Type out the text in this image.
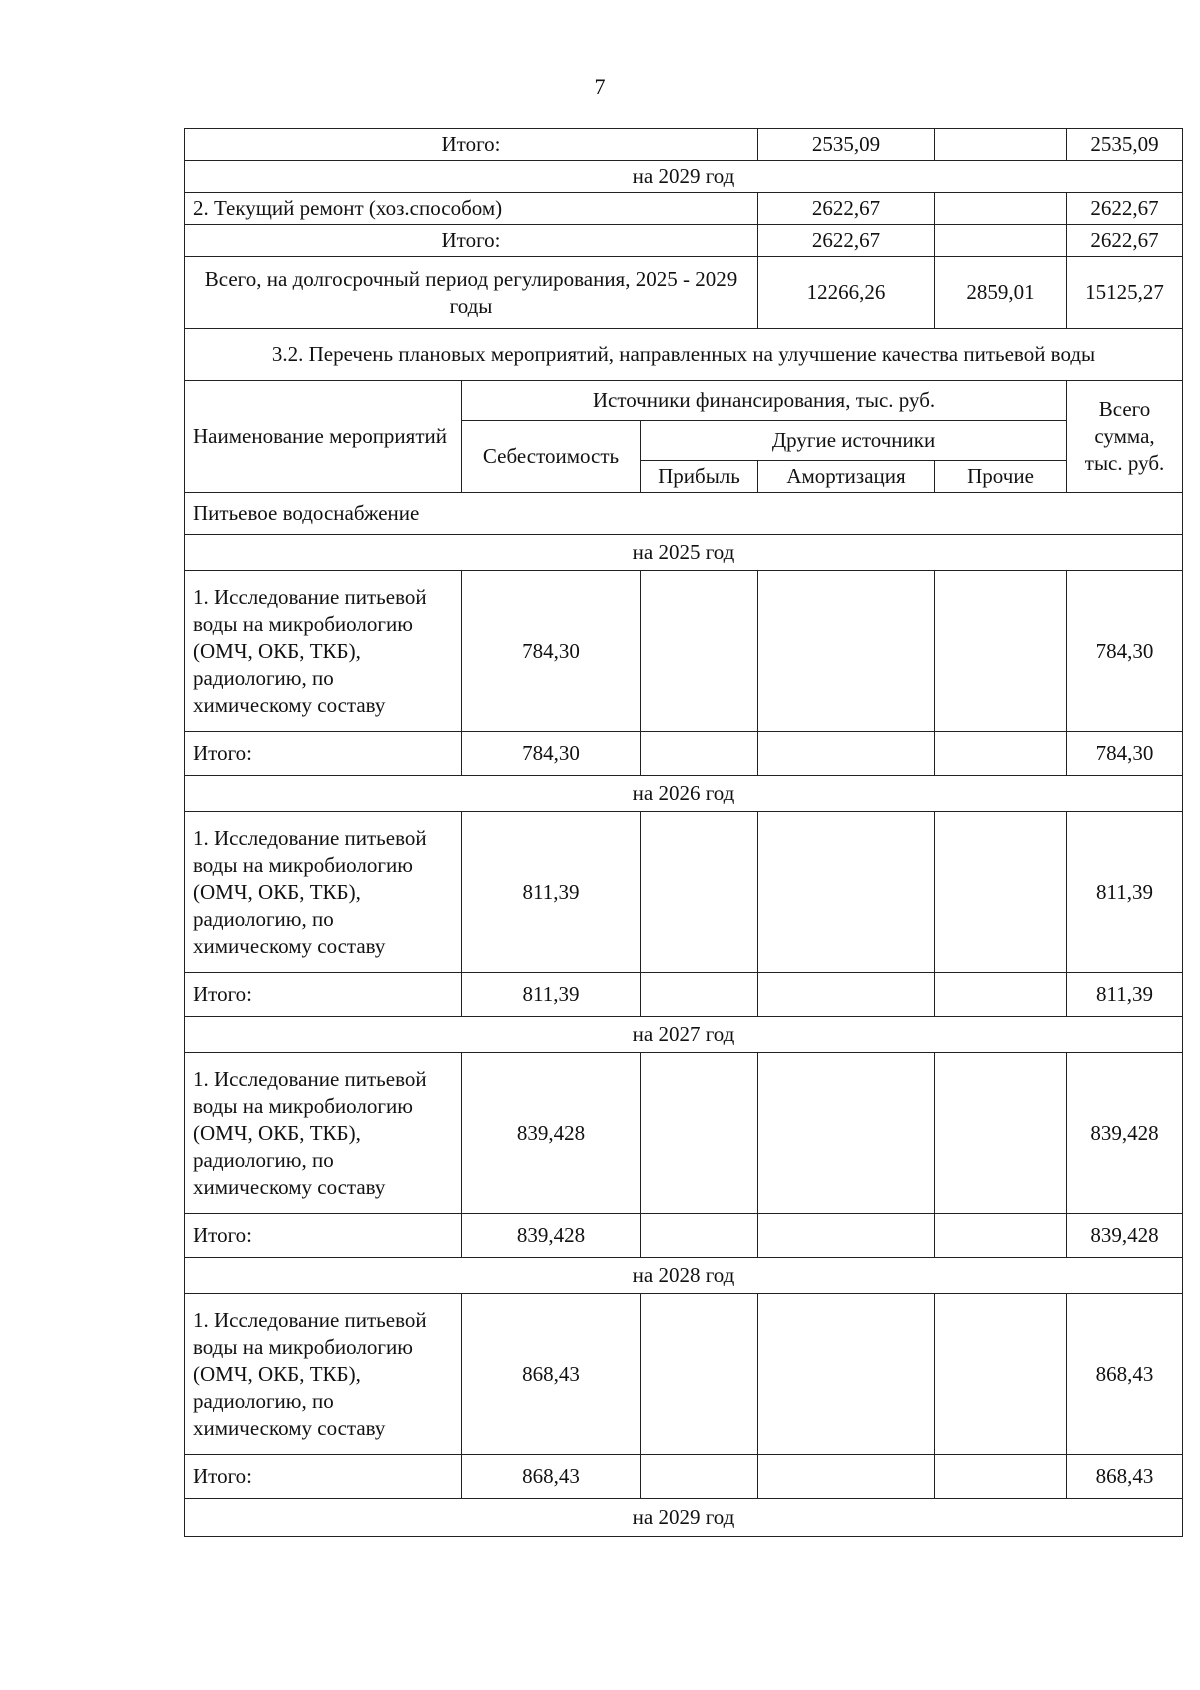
7
Итого:			2535,09		2535,09
на 2029 год					
2. Текущий ремонт (хоз.способом)			2622,67		2622,67
Итого:			2622,67		2622,67
Всего, на долгосрочный период регулирования, 2025 - 2029 годы			12266,26	2859,01	15125,27
3.2. Перечень плановых мероприятий, направленных на улучшение качества питьевой воды					
Наименование мероприятий	Источники финансирования, тыс. руб.				Всего сумма, тыс. руб.
	Себестоимость	Другие источники			
		Прибыль	Амортизация	Прочие	
Питьевое водоснабжение					
на 2025 год					
1. Исследование питьевой воды на микробиологию (ОМЧ, ОКБ, ТКБ), радиологию, по химическому составу	784,30				784,30
Итого:	784,30				784,30
на 2026 год					
1. Исследование питьевой воды на микробиологию (ОМЧ, ОКБ, ТКБ), радиологию, по химическому составу	811,39				811,39
Итого:	811,39				811,39
на 2027 год					
1. Исследование питьевой воды на микробиологию (ОМЧ, ОКБ, ТКБ), радиологию, по химическому составу	839,428				839,428
Итого:	839,428				839,428
на 2028 год					
1. Исследование питьевой воды на микробиологию (ОМЧ, ОКБ, ТКБ), радиологию, по химическому составу	868,43				868,43
Итого:	868,43				868,43
на 2029 год					
